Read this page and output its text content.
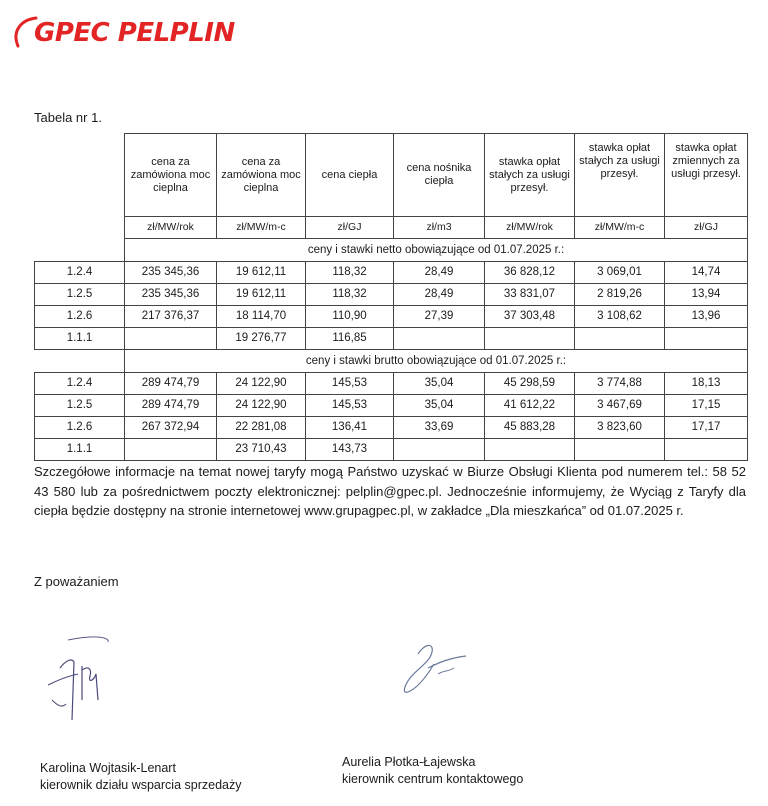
GPEC PELPLIN
Tabela nr 1.
	cena za zamówiona moc cieplna	cena za zamówiona moc cieplna	cena ciepła	cena nośnika ciepła	stawka opłat stałych za usługi przesył.	stawka opłat stałych za usługi przesył.	stawka opłat zmiennych za usługi przesył.
	zł/MW/rok	zł/MW/m-c	zł/GJ	zł/m3	zł/MW/rok	zł/MW/m-c	zł/GJ
	ceny i stawki netto obowiązujące od 01.07.2025 r.:						
1.2.4	235 345,36	19 612,11	118,32	28,49	36 828,12	3 069,01	14,74
1.2.5	235 345,36	19 612,11	118,32	28,49	33 831,07	2 819,26	13,94
1.2.6	217 376,37	18 114,70	110,90	27,39	37 303,48	3 108,62	13,96
1.1.1		19 276,77	116,85				
	ceny i stawki brutto obowiązujące od 01.07.2025 r.:						
1.2.4	289 474,79	24 122,90	145,53	35,04	45 298,59	3 774,88	18,13
1.2.5	289 474,79	24 122,90	145,53	35,04	41 612,22	3 467,69	17,15
1.2.6	267 372,94	22 281,08	136,41	33,69	45 883,28	3 823,60	17,17
1.1.1		23 710,43	143,73				
Szczegółowe informacje na temat nowej taryfy mogą Państwo uzyskać w Biurze Obsługi Klienta pod numerem tel.: 58 52 43 580 lub za pośrednictwem poczty elektronicznej: pelplin@gpec.pl. Jednocześnie informujemy, że Wyciąg z Taryfy dla ciepła będzie dostępny na stronie internetowej www.grupagpec.pl, w zakładce „Dla mieszkańca” od 01.07.2025 r.
Z poważaniem
Karolina Wojtasik-Lenart
kierownik działu wsparcia sprzedaży
Aurelia Płotka-Łajewska
kierownik centrum kontaktowego
